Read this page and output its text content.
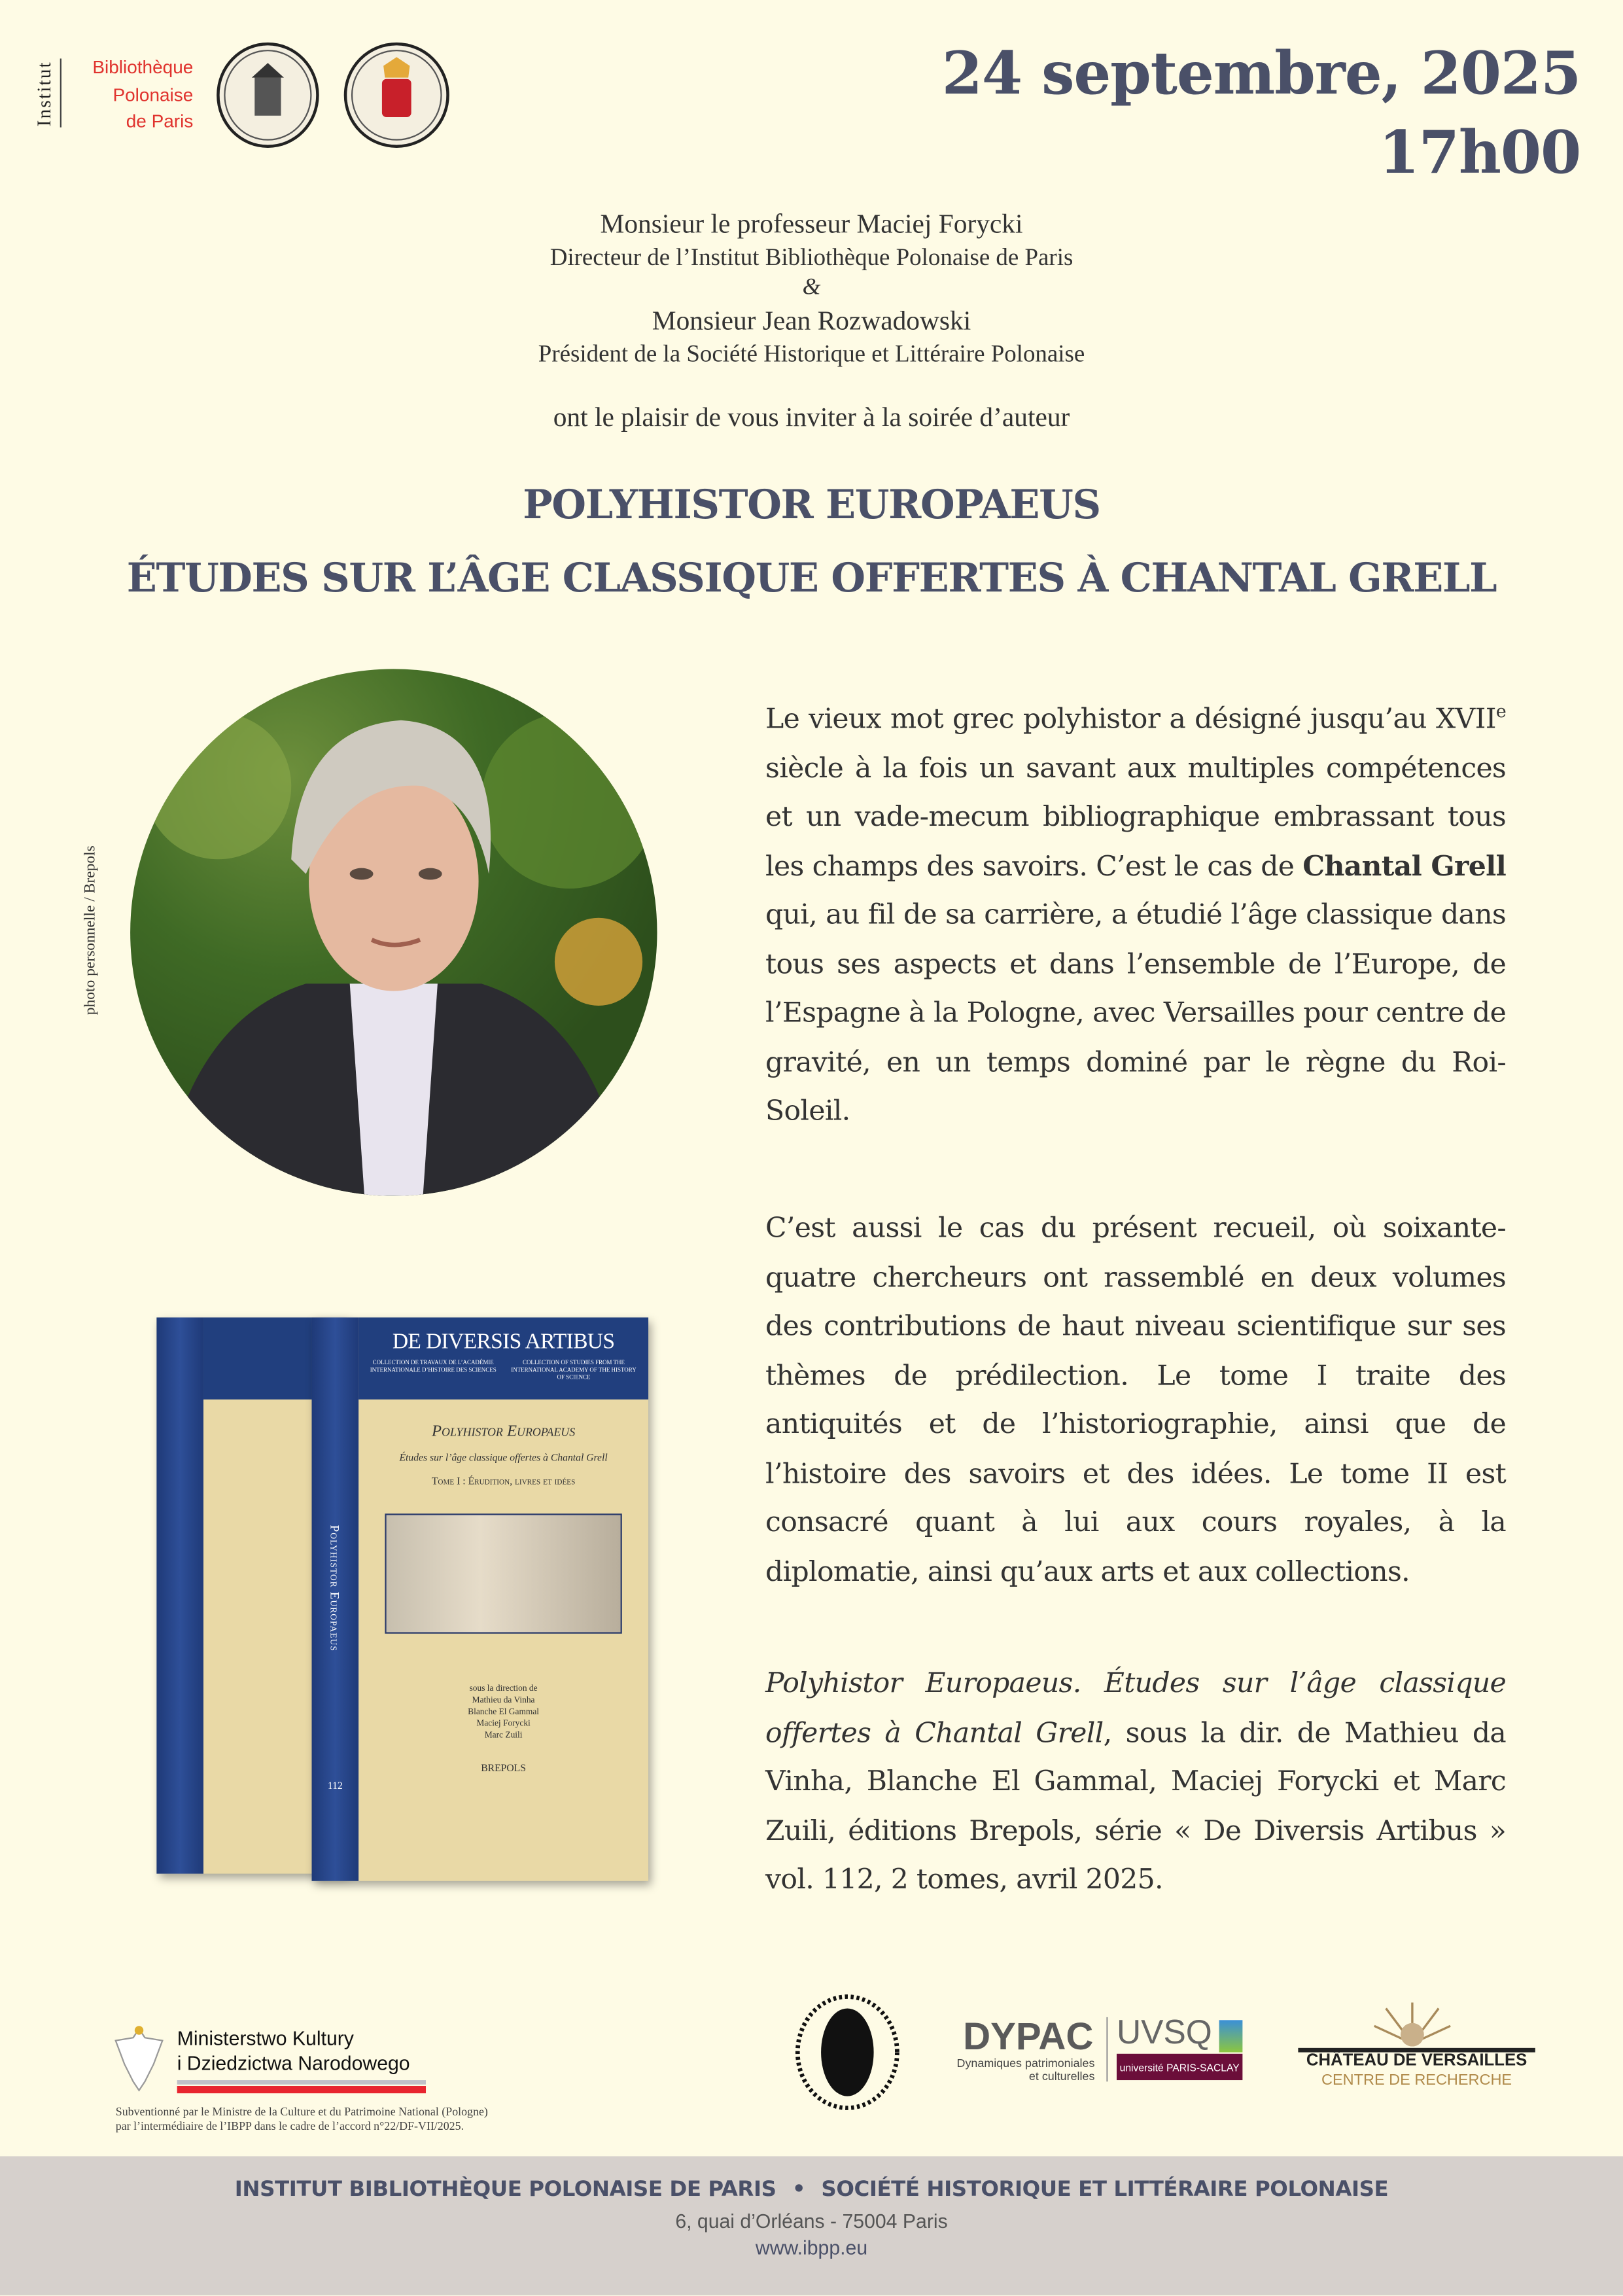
Institut	Bibliothèque
Polonaise
de Paris
24 septembre, 2025
17h00
Monsieur le professeur Maciej Forycki
Directeur de l’Institut Bibliothèque Polonaise de Paris
&
Monsieur Jean Rozwadowski
Président de la Société Historique et Littéraire Polonaise
ont le plaisir de vous inviter à la soirée d’auteur
POLYHISTOR EUROPAEUS
ÉTUDES SUR L’ÂGE CLASSIQUE OFFERTES À CHANTAL GRELL
photo personnelle / Brepols
Le vieux mot grec polyhistor a désigné jusqu’au XVIIe siècle à la fois un savant aux multiples compétences et un vade-mecum bibliographique embrassant tous les champs des savoirs. C’est le cas de Chantal Grell qui, au fil de sa carrière, a étudié l’âge classique dans tous ses aspects et dans l’ensemble de l’Europe, de l’Espagne à la Pologne, avec Versailles pour centre de gravité, en un temps dominé par le règne du Roi-Soleil.
C’est aussi le cas du présent recueil, où soixante-quatre chercheurs ont rassemblé en deux volumes des contributions de haut niveau scientifique sur ses thèmes de prédilection. Le tome I traite des antiquités et de l’historiographie, ainsi que de l’histoire des savoirs et des idées. Le tome II est consacré quant à lui aux cours royales, à la diplomatie, ainsi qu’aux arts et aux collections.
Polyhistor Europaeus. Études sur l’âge classique offertes à Chantal Grell, sous la dir. de Mathieu da Vinha, Blanche El Gammal, Maciej Forycki et Marc Zuili, éditions Brepols, série « De Diversis Artibus » vol. 112, 2 tomes, avril 2025.
Polyhistor Europaeus
112
DE DIVERSIS ARTIBUS
COLLECTION DE TRAVAUX DE L’ACADÉMIE INTERNATIONALE D’HISTOIRE DES SCIENCES
COLLECTION OF STUDIES FROM THE INTERNATIONAL ACADEMY OF THE HISTORY OF SCIENCE
Polyhistor Europaeus
Études sur l’âge classique offertes à Chantal Grell
Tome I : Érudition, livres et idées
sous la direction de
Mathieu da Vinha
Blanche El Gammal
Maciej Forycki
Marc Zuili
BREPOLS
Ministerstwo Kultury
i Dziedzictwa Narodowego
Subventionné par le Ministre de la Culture et du Patrimoine National (Pologne)
par l’intermédiaire de l’IBPP dans le cadre de l’accord n°22/DF-VII/2025.
DYPAC
Dynamiques patrimoniales
et culturelles
UVSQ
université PARIS-SACLAY	CHÂTEAU DE VERSAILLES
CENTRE DE RECHERCHE
INSTITUT BIBLIOTHÈQUE POLONAISE DE PARIS • SOCIÉTÉ HISTORIQUE ET LITTÉRAIRE POLONAISE
6, quai d’Orléans - 75004 Paris
www.ibpp.eu
